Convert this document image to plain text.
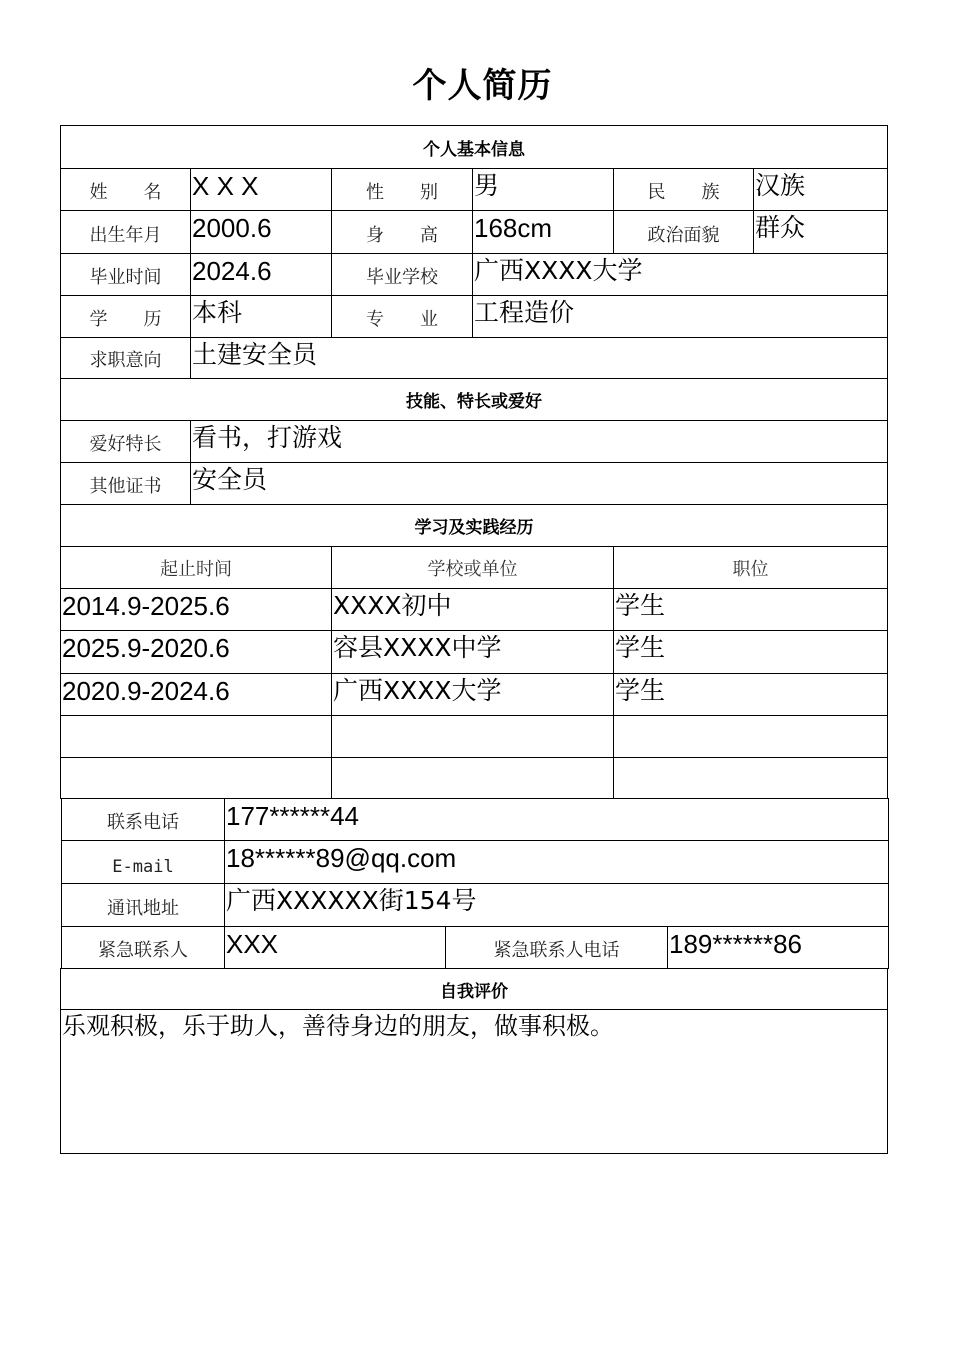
个人简历
个人基本信息
姓　　名	X X X	性　　别	男	民　　族	汉族
出生年月	2000.6	身　　高	168cm	政治面貌	群众
毕业时间	2024.6	毕业学校	广西XXXX大学
学　　历	本科	专　　业	工程造价
求职意向	土建安全员
技能、特长或爱好
爱好特长	看书，打游戏
其他证书	安全员
学习及实践经历
起止时间	学校或单位	职位
2014.9-2025.6	XXXX初中	学生
2025.9-2020.6	容县XXXX中学	学生
2020.9-2024.6	广西XXXX大学	学生
联系电话	177******44
E-mail	18******89@qq.com
通讯地址	广西XXXXXX街154号
紧急联系人	XXX	紧急联系人电话	189******86
自我评价
乐观积极，乐于助人，善待身边的朋友，做事积极。
